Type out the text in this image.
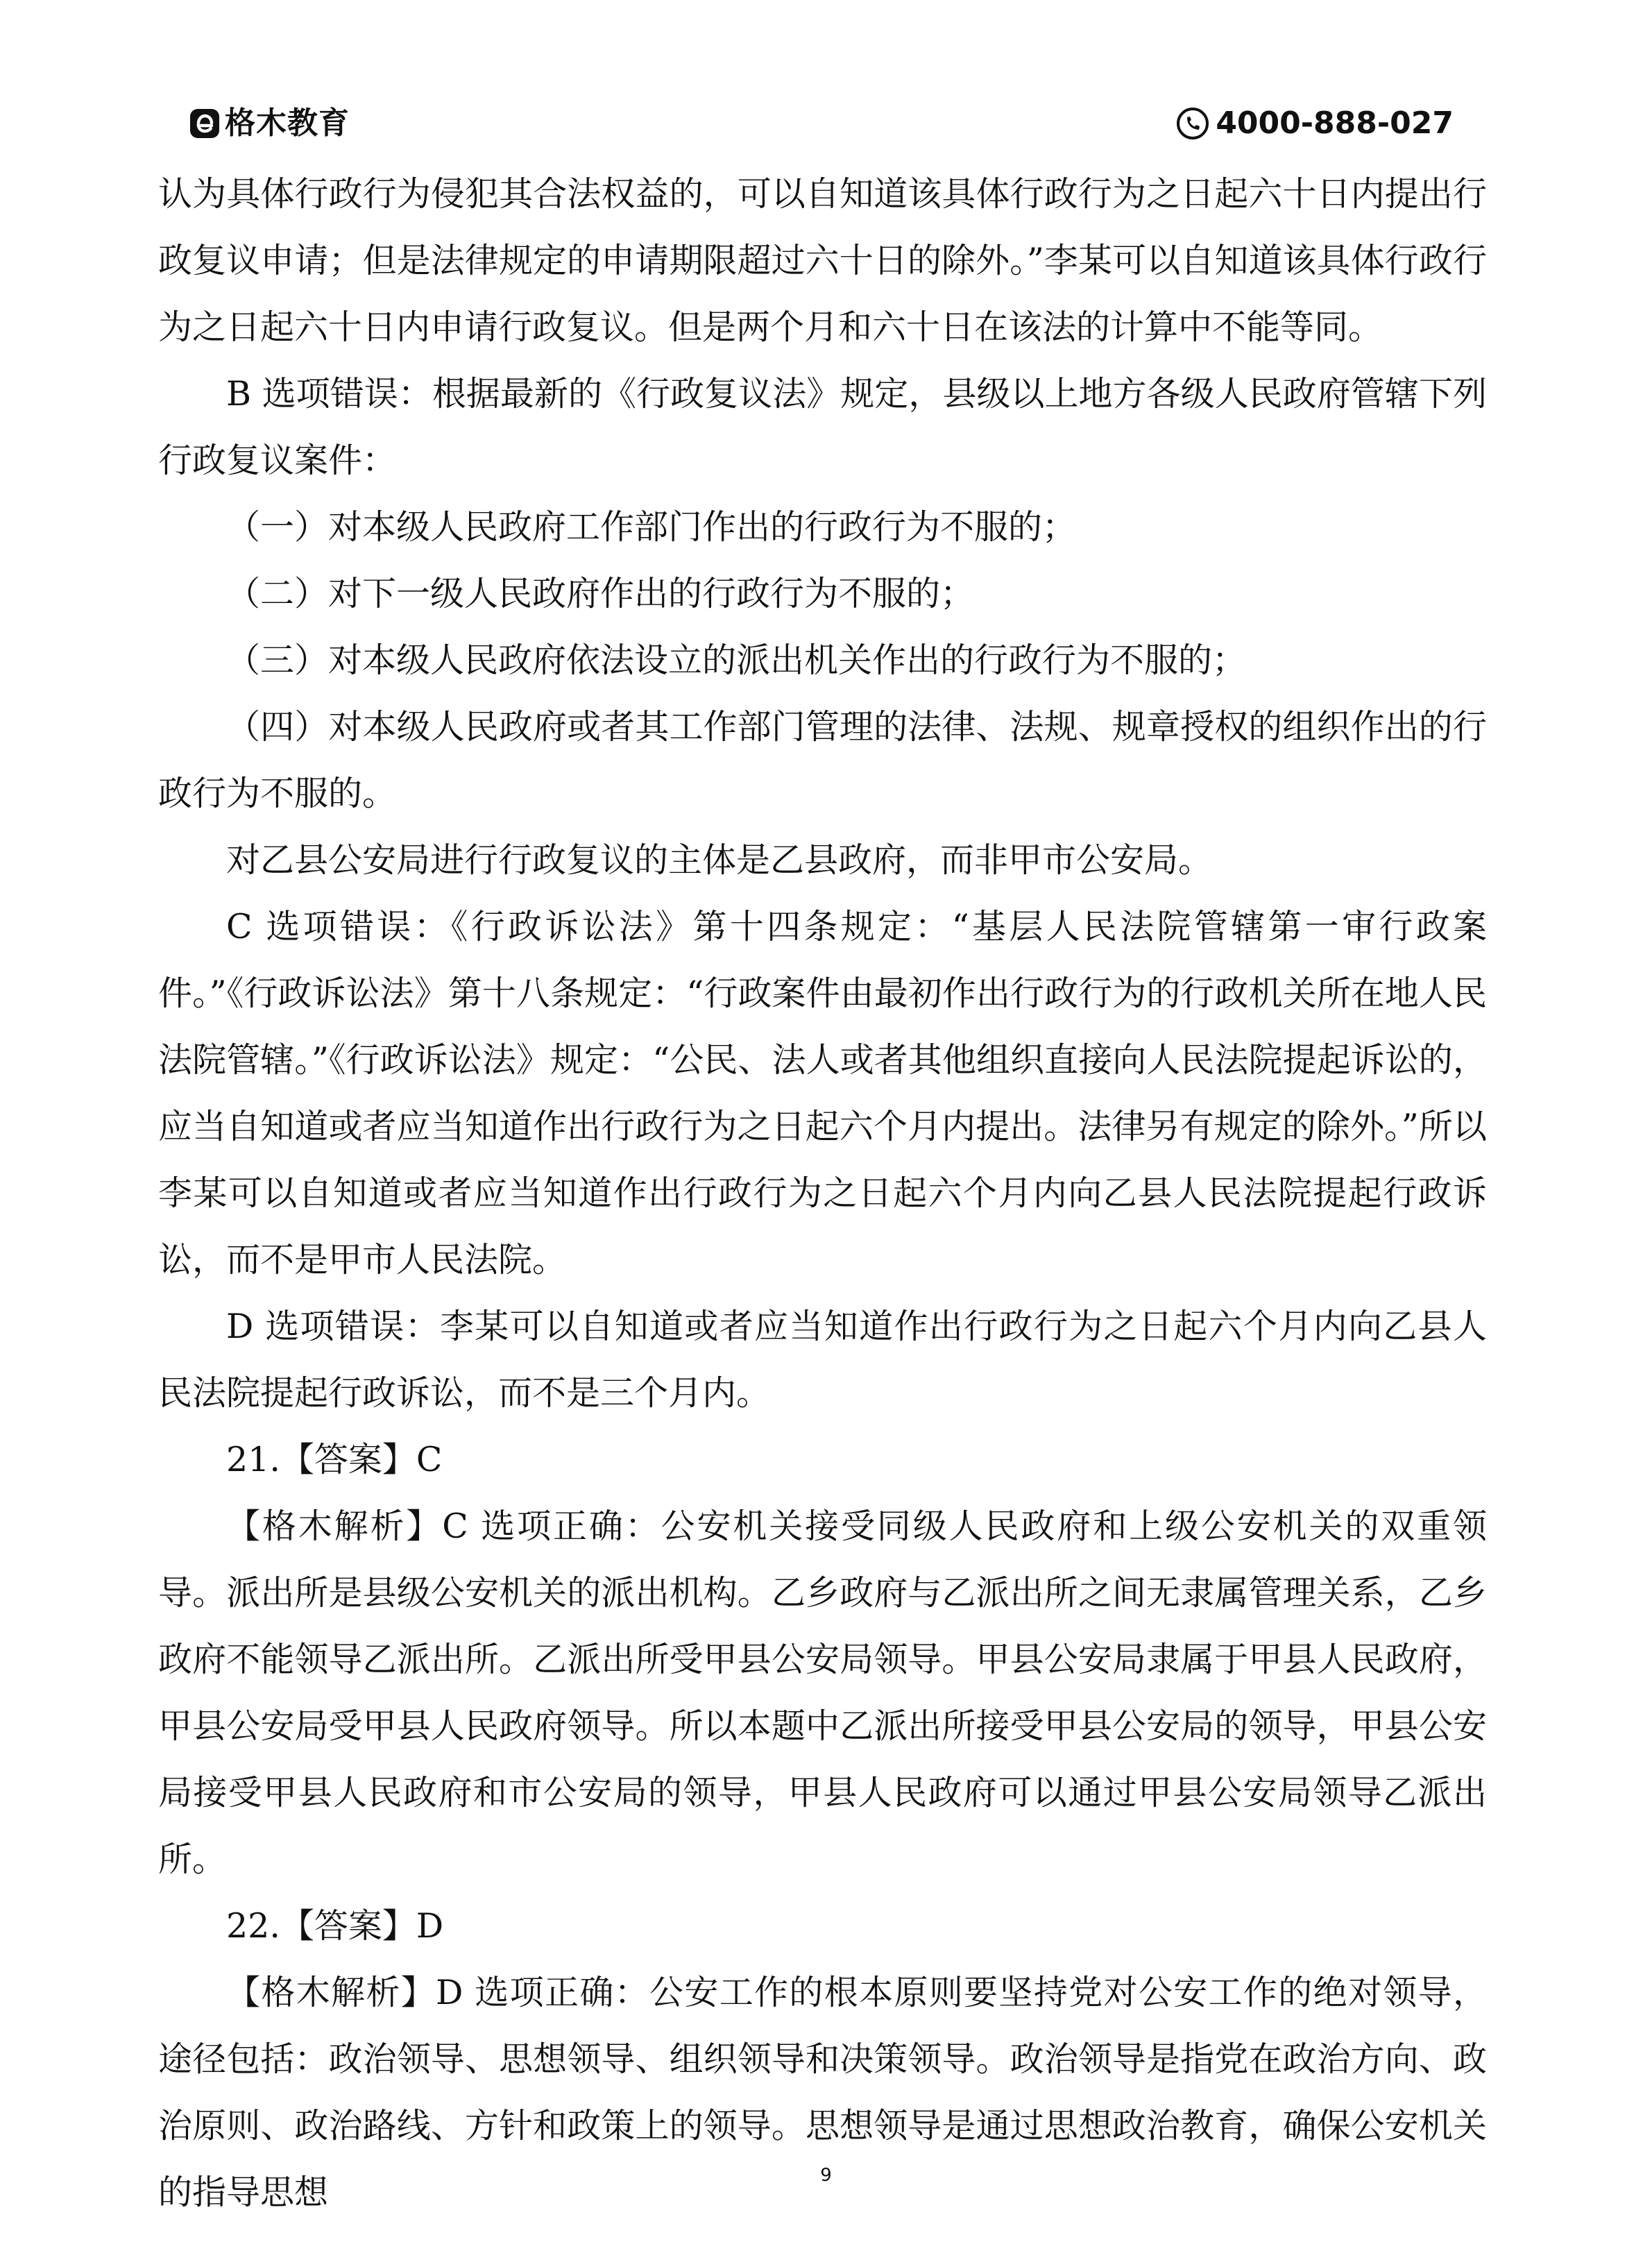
格木教育	4000-888-027

认为具体行政行为侵犯其合法权益的，可以自知道该具体行政行为之日起六十日内提出行政复议申请；但是法律规定的申请期限超过六十日的除外。”李某可以自知道该具体行政行为之日起六十日内申请行政复议。但是两个月和六十日在该法的计算中不能等同。

B 选项错误：根据最新的《行政复议法》规定，县级以上地方各级人民政府管辖下列行政复议案件：

（一）对本级人民政府工作部门作出的行政行为不服的；

（二）对下一级人民政府作出的行政行为不服的；

（三）对本级人民政府依法设立的派出机关作出的行政行为不服的；

（四）对本级人民政府或者其工作部门管理的法律、法规、规章授权的组织作出的行政行为不服的。

对乙县公安局进行行政复议的主体是乙县政府，而非甲市公安局。

C 选项错误：《行政诉讼法》第十四条规定：“基层人民法院管辖第一审行政案件。”《行政诉讼法》第十八条规定：“行政案件由最初作出行政行为的行政机关所在地人民法院管辖。”《行政诉讼法》规定：“公民、法人或者其他组织直接向人民法院提起诉讼的，应当自知道或者应当知道作出行政行为之日起六个月内提出。法律另有规定的除外。”所以李某可以自知道或者应当知道作出行政行为之日起六个月内向乙县人民法院提起行政诉讼，而不是甲市人民法院。

D 选项错误：李某可以自知道或者应当知道作出行政行为之日起六个月内向乙县人民法院提起行政诉讼，而不是三个月内。

21.【答案】C

【格木解析】C 选项正确：公安机关接受同级人民政府和上级公安机关的双重领导。派出所是县级公安机关的派出机构。乙乡政府与乙派出所之间无隶属管理关系，乙乡政府不能领导乙派出所。乙派出所受甲县公安局领导。甲县公安局隶属于甲县人民政府，甲县公安局受甲县人民政府领导。所以本题中乙派出所接受甲县公安局的领导，甲县公安局接受甲县人民政府和市公安局的领导，甲县人民政府可以通过甲县公安局领导乙派出所。

22.【答案】D

【格木解析】D 选项正确：公安工作的根本原则要坚持党对公安工作的绝对领导，途径包括：政治领导、思想领导、组织领导和决策领导。政治领导是指党在政治方向、政治原则、政治路线、方针和政策上的领导。思想领导是通过思想政治教育，确保公安机关的指导思想	9
